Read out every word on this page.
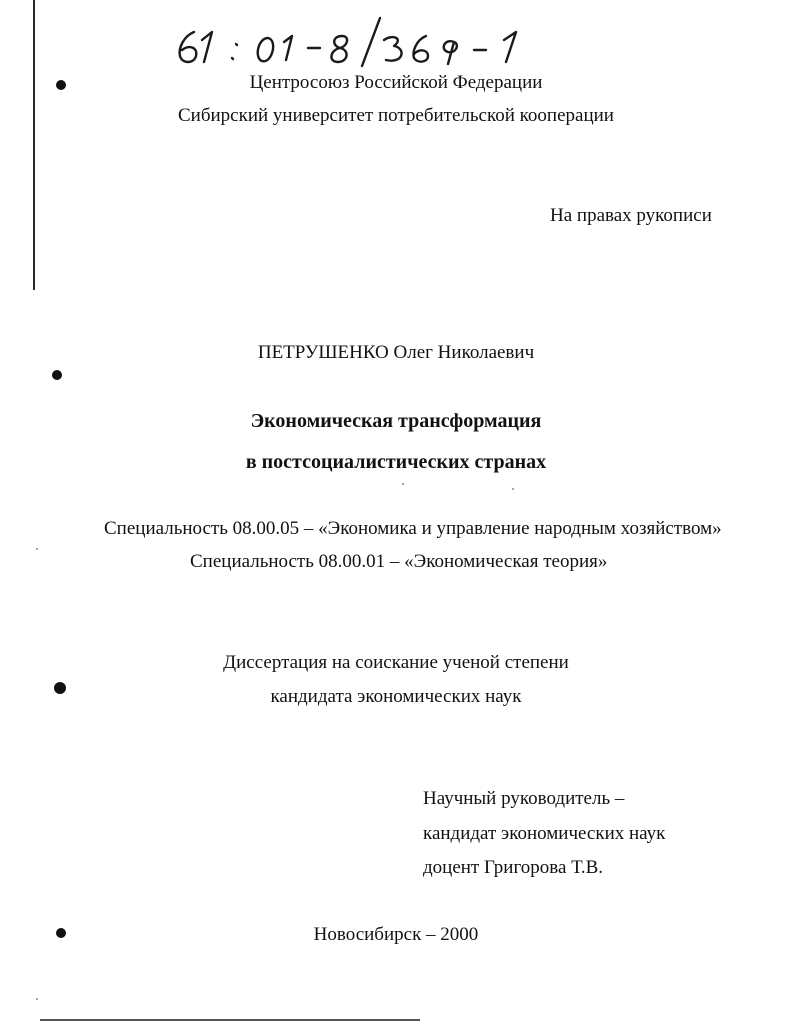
Центросоюз Российской Федерации
Сибирский университет потребительской кооперации
На правах рукописи
ПЕТРУШЕНКО Олег Николаевич
Экономическая трансформация
в постсоциалистических странах
Специальность 08.00.05 – «Экономика и управление народным хозяйством»
Специальность 08.00.01 – «Экономическая теория»
Диссертация на соискание ученой степени
кандидата экономических наук
Научный руководитель –
кандидат экономических наук
доцент Григорова Т.В.
Новосибирск – 2000
